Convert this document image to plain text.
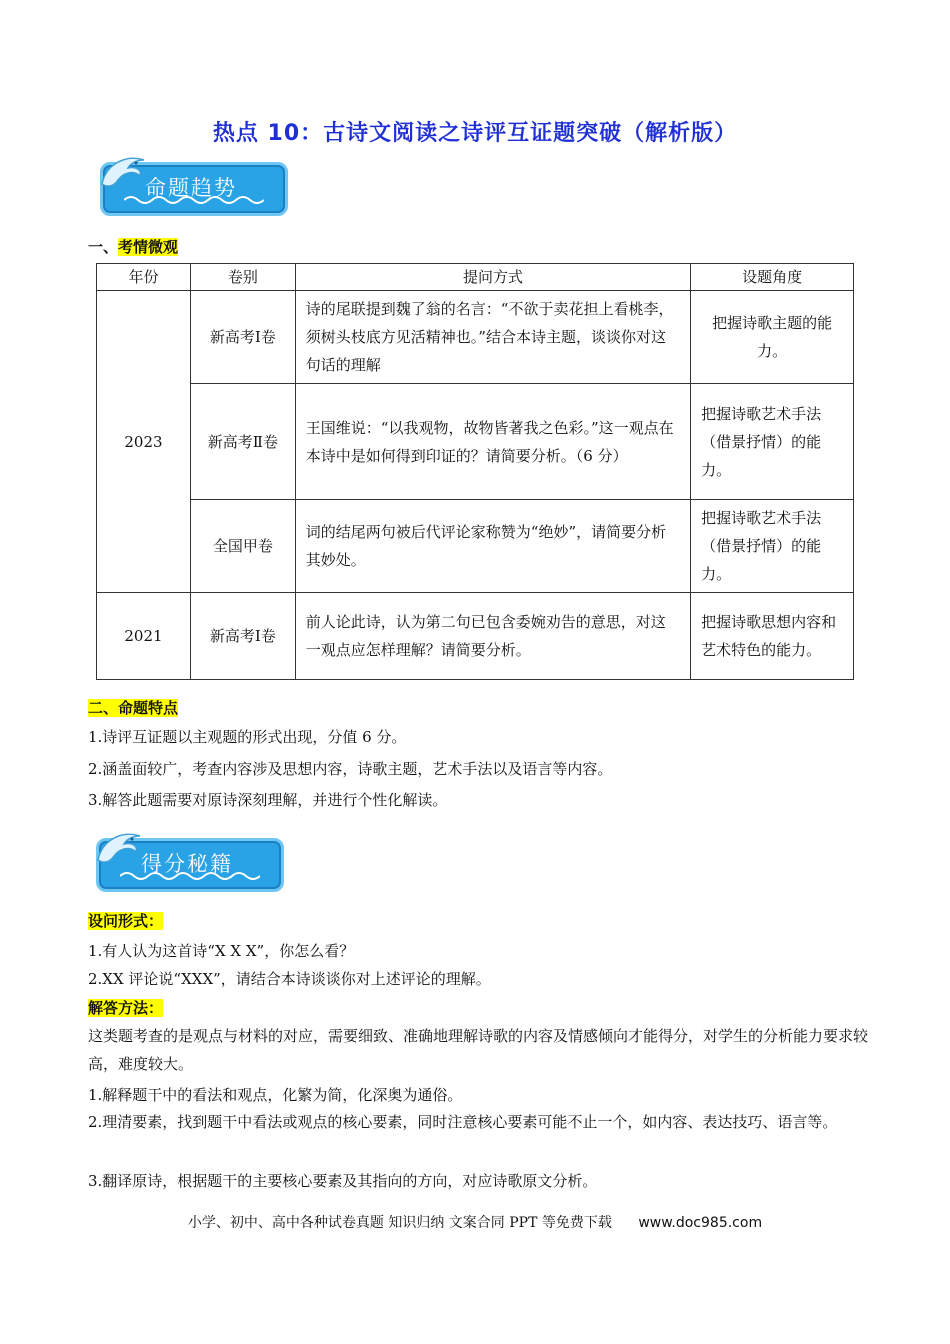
热点 10：古诗文阅读之诗评互证题突破（解析版）
命题趋势
一、考情微观
年份	卷别	提问方式	设题角度
2023	新高考Ⅰ卷	诗的尾联提到魏了翁的名言：“不欲于卖花担上看桃李，须树头枝底方见活精神也。”结合本诗主题，谈谈你对这句话的理解	把握诗歌主题的能力。
	新高考Ⅱ卷	王国维说：“以我观物，故物皆著我之色彩。”这一观点在本诗中是如何得到印证的？请简要分析。（6 分）	把握诗歌艺术手法（借景抒情）的能力。
	全国甲卷	词的结尾两句被后代评论家称赞为“绝妙”，请简要分析其妙处。	把握诗歌艺术手法（借景抒情）的能力。
2021	新高考Ⅰ卷	前人论此诗，认为第二句已包含委婉劝告的意思，对这一观点应怎样理解？请简要分析。	把握诗歌思想内容和艺术特色的能力。
二、命题特点
1.诗评互证题以主观题的形式出现，分值 6 分。
2.涵盖面较广，考查内容涉及思想内容，诗歌主题，艺术手法以及语言等内容。
3.解答此题需要对原诗深刻理解，并进行个性化解读。
得分秘籍
设问形式：
1.有人认为这首诗“X X X”，你怎么看？
2.XX 评论说“XXX”，请结合本诗谈谈你对上述评论的理解。
解答方法：
这类题考查的是观点与材料的对应，需要细致、准确地理解诗歌的内容及情感倾向才能得分，对学生的分析能力要求较高，难度较大。
1.解释题干中的看法和观点，化繁为简，化深奥为通俗。
2.理清要素，找到题干中看法或观点的核心要素，同时注意核心要素可能不止一个，如内容、表达技巧、语言等。
3.翻译原诗，根据题干的主要核心要素及其指向的方向，对应诗歌原文分析。
小学、初中、高中各种试卷真题 知识归纳 文案合同 PPT 等免费下载 www.doc985.com
